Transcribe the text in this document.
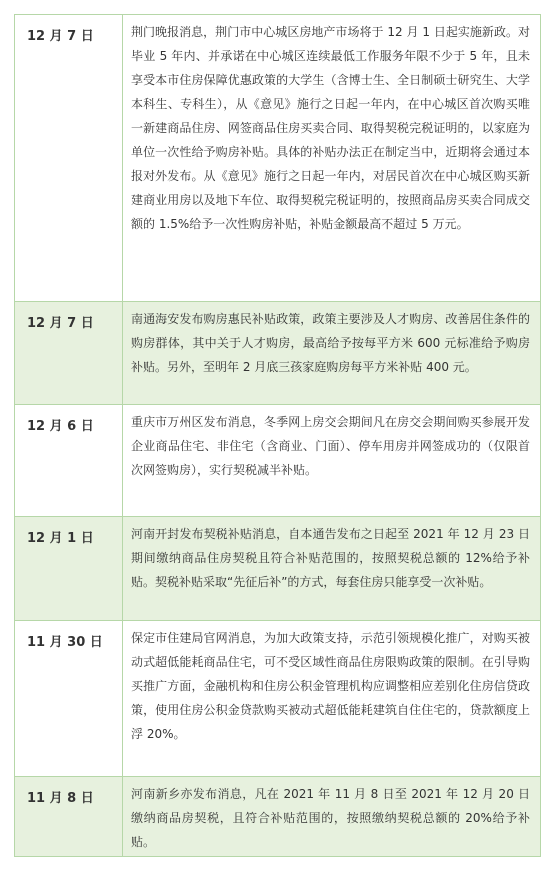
12 月 7 日	荆门晚报消息，荆门市中心城区房地产市场将于 12 月 1 日起实施新政。对毕业 5 年内、并承诺在中心城区连续最低工作服务年限不少于 5 年，且未享受本市住房保障优惠政策的大学生（含博士生、全日制硕士研究生、大学本科生、专科生），从《意见》施行之日起一年内，在中心城区首次购买唯一新建商品住房、网签商品住房买卖合同、取得契税完税证明的，以家庭为单位一次性给予购房补贴。具体的补贴办法正在制定当中，近期将会通过本报对外发布。从《意见》施行之日起一年内，对居民首次在中心城区购买新建商业用房以及地下车位、取得契税完税证明的，按照商品房买卖合同成交额的 1.5%给予一次性购房补贴，补贴金额最高不超过 5 万元。
12 月 7 日	南通海安发布购房惠民补贴政策，政策主要涉及人才购房、改善居住条件的购房群体，其中关于人才购房，最高给予按每平方米 600 元标准给予购房补贴。另外，至明年 2 月底三孩家庭购房每平方米补贴 400 元。
12 月 6 日	重庆市万州区发布消息，冬季网上房交会期间凡在房交会期间购买参展开发企业商品住宅、非住宅（含商业、门面）、停车用房并网签成功的（仅限首次网签购房），实行契税减半补贴。
12 月 1 日	河南开封发布契税补贴消息，自本通告发布之日起至 2021 年 12 月 23 日期间缴纳商品住房契税且符合补贴范围的，按照契税总额的 12%给予补贴。契税补贴采取“先征后补”的方式，每套住房只能享受一次补贴。
11 月 30 日	保定市住建局官网消息，为加大政策支持，示范引领规模化推广，对购买被动式超低能耗商品住宅，可不受区域性商品住房限购政策的限制。在引导购买推广方面，金融机构和住房公积金管理机构应调整相应差别化住房信贷政策，使用住房公积金贷款购买被动式超低能耗建筑自住住宅的，贷款额度上浮 20%。
11 月 8 日	河南新乡亦发布消息，凡在 2021 年 11 月 8 日至 2021 年 12 月 20 日缴纳商品房契税，且符合补贴范围的，按照缴纳契税总额的 20%给予补贴。
